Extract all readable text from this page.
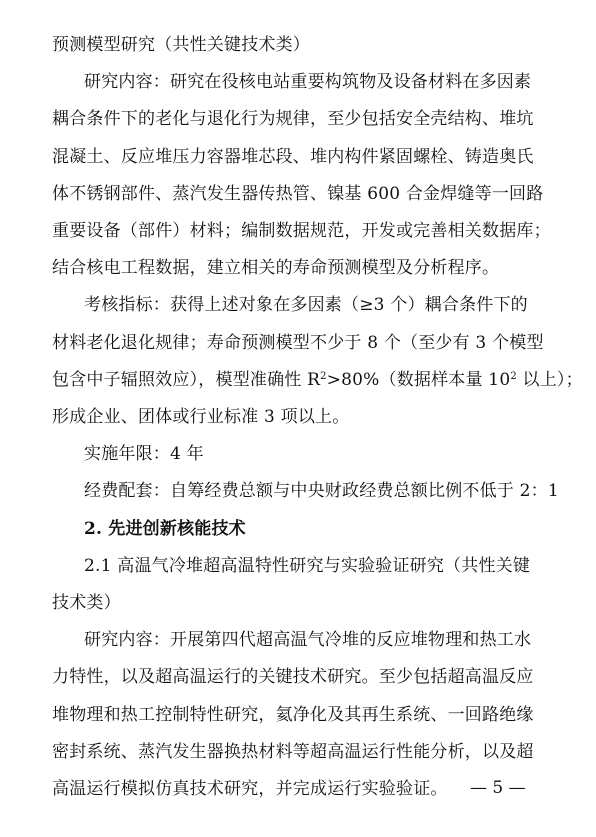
预测模型研究（共性关键技术类）
研究内容：研究在役核电站重要构筑物及设备材料在多因素
耦合条件下的老化与退化行为规律，至少包括安全壳结构、堆坑
混凝土、反应堆压力容器堆芯段、堆内构件紧固螺栓、铸造奥氏
体不锈钢部件、蒸汽发生器传热管、镍基 600 合金焊缝等一回路
重要设备（部件）材料；编制数据规范，开发或完善相关数据库；
结合核电工程数据，建立相关的寿命预测模型及分析程序。
考核指标：获得上述对象在多因素（≥3 个）耦合条件下的
材料老化退化规律；寿命预测模型不少于 8 个（至少有 3 个模型
包含中子辐照效应），模型准确性 $R^2>80\%$（数据样本量 $10^2$ 以上）；
形成企业、团体或行业标准 3 项以上。
实施年限：4 年
经费配套：自筹经费总额与中央财政经费总额比例不低于 2：1
2. 先进创新核能技术
2.1 高温气冷堆超高温特性研究与实验验证研究（共性关键
技术类）
研究内容：开展第四代超高温气冷堆的反应堆物理和热工水
力特性，以及超高温运行的关键技术研究。至少包括超高温反应
堆物理和热工控制特性研究，氦净化及其再生系统、一回路绝缘
密封系统、蒸汽发生器换热材料等超高温运行性能分析，以及超
高温运行模拟仿真技术研究，并完成运行实验验证。	— 5 —
